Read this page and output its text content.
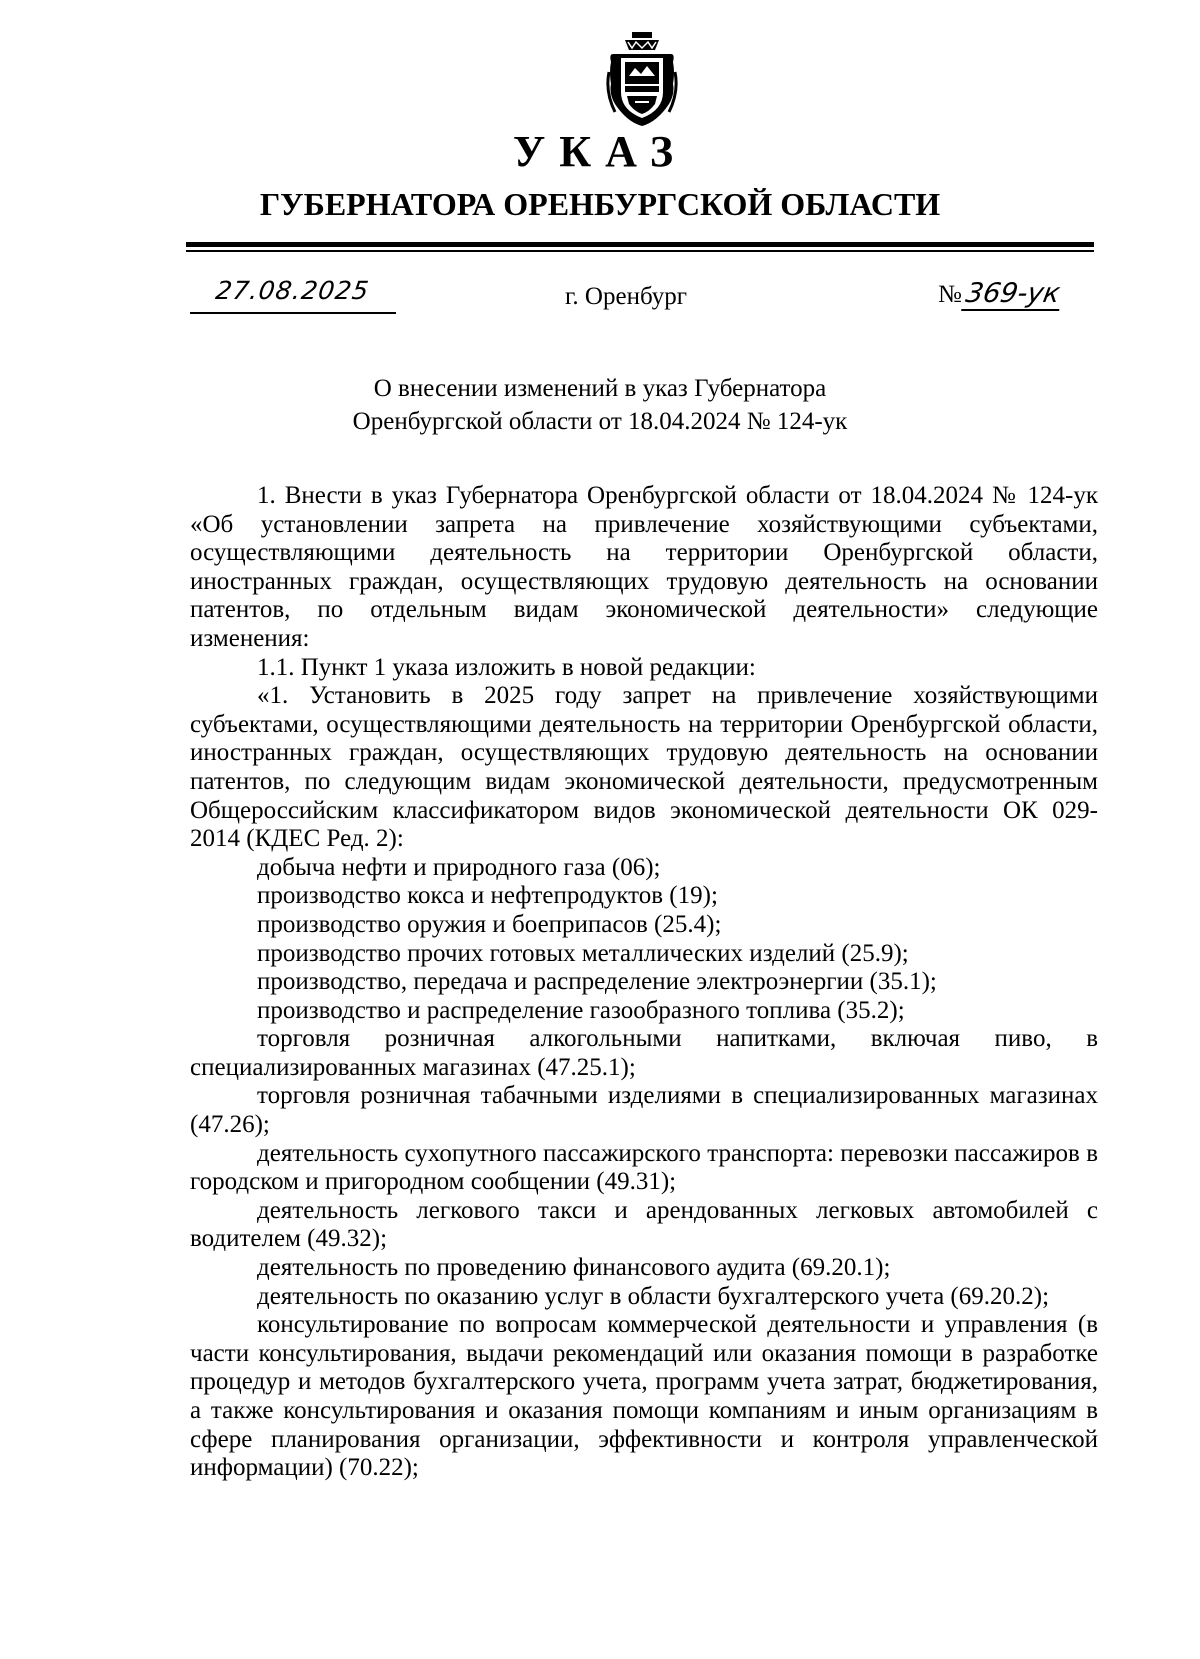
УКАЗ
ГУБЕРНАТОРА ОРЕНБУРГСКОЙ ОБЛАСТИ
27.08.2025	г. Оренбург	№369-ук
О внесении изменений в указ Губернатора
Оренбургской области от 18.04.2024 № 124-ук

1. Внести в указ Губернатора Оренбургской области от 18.04.2024 № 124-ук «Об установлении запрета на привлечение хозяйствующими субъектами, осуществляющими деятельность на территории Оренбургской области, иностранных граждан, осуществляющих трудовую деятельность на основании патентов, по отдельным видам экономической деятельности» следующие изменения:

1.1. Пункт 1 указа изложить в новой редакции:

«1. Установить в 2025 году запрет на привлечение хозяйствующими субъектами, осуществляющими деятельность на территории Оренбургской области, иностранных граждан, осуществляющих трудовую деятельность на основании патентов, по следующим видам экономической деятельности, предусмотренным Общероссийским классификатором видов экономической деятельности ОК 029-2014 (КДЕС Ред. 2):

добыча нефти и природного газа (06);

производство кокса и нефтепродуктов (19);

производство оружия и боеприпасов (25.4);

производство прочих готовых металлических изделий (25.9);

производство, передача и распределение электроэнергии (35.1);

производство и распределение газообразного топлива (35.2);

торговля розничная алкогольными напитками, включая пиво, в специализированных магазинах (47.25.1);

торговля розничная табачными изделиями в специализированных магазинах (47.26);

деятельность сухопутного пассажирского транспорта: перевозки пассажиров в городском и пригородном сообщении (49.31);

деятельность легкового такси и арендованных легковых автомобилей с водителем (49.32);

деятельность по проведению финансового аудита (69.20.1);

деятельность по оказанию услуг в области бухгалтерского учета (69.20.2);

консультирование по вопросам коммерческой деятельности и управления (в части консультирования, выдачи рекомендаций или оказания помощи в разработке процедур и методов бухгалтерского учета, программ учета затрат, бюджетирования, а также консультирования и оказания помощи компаниям и иным организациям в сфере планирования организации, эффективности и контроля управленческой информации) (70.22);
